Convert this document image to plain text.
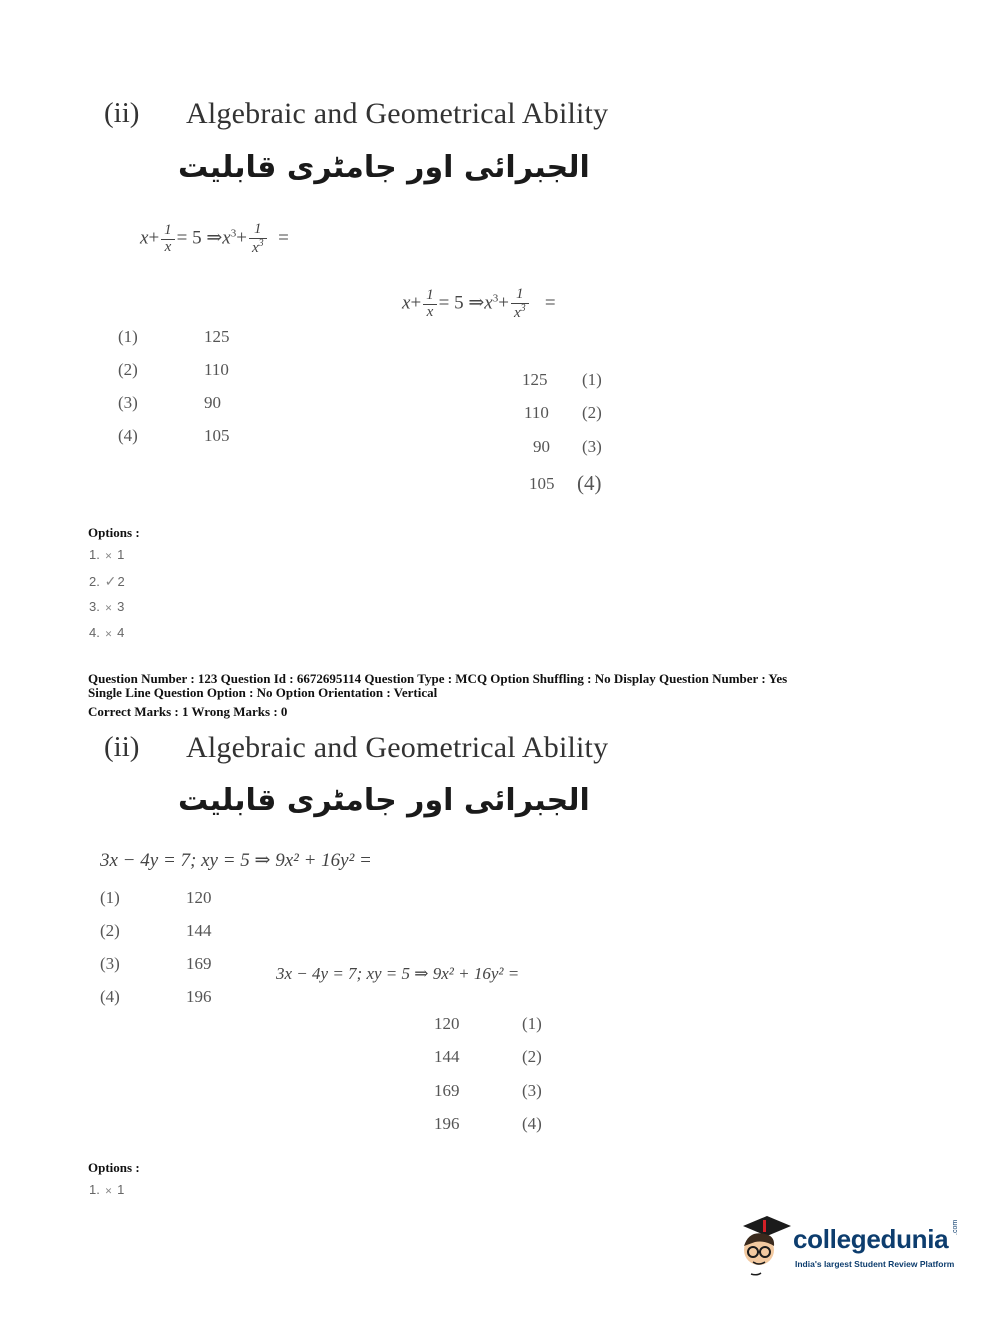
(ii) Algebraic and Geometrical Ability
الجبرائی اور جامٹری قابلیت
$x+ \frac{1}{x} = 5$ $\Rightarrow x^3+ \frac{1}{x^3}$ =
$x+ \frac{1}{x} = 5$ $\Rightarrow x^3+ \frac{1}{x^3}$ =
(1)	125
(2)	110
(3)	90
(4)	105
125 (1)
110 (2)
90 (3)
105 (4)
Options :
1. ✕ 1
2. ✓2
3. ✕ 3
4. ✕ 4
Question Number : 123 Question Id : 6672695114 Question Type : MCQ Option Shuffling : No Display Question Number : Yes
Single Line Question Option : No Option Orientation : Vertical
Correct Marks : 1 Wrong Marks : 0
(ii) Algebraic and Geometrical Ability
الجبرائی اور جامٹری قابلیت
3x − 4y = 7; xy = 5 ⇒ 9x² + 16y² =
(1)	120
(2)	144
(3)	169
(4)	196
3x − 4y = 7; xy = 5 ⇒ 9x² + 16y² =
120	(1)
144	(2)
169	(3)
196	(4)
Options :
1. ✕ 1
collegedunia .com
India's largest Student Review Platform
